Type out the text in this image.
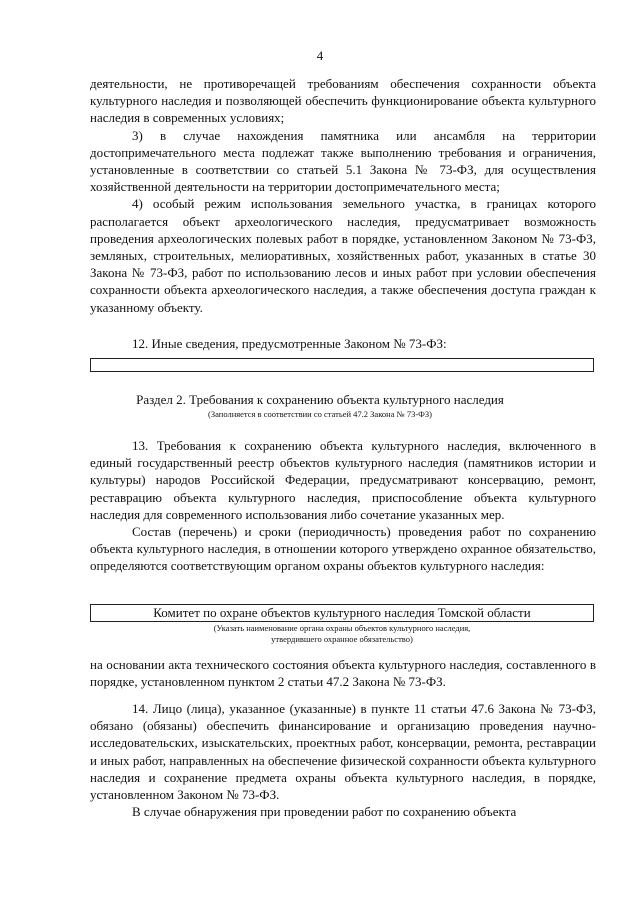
4

деятельности, не противоречащей требованиям обеспечения сохранности объекта культурного наследия и позволяющей обеспечить функционирование объекта культурного наследия в современных условиях;

3) в случае нахождения памятника или ансамбля на территории достопримечательного места подлежат также выполнению требования и ограничения, установленные в соответствии со статьей 5.1 Закона № 73-ФЗ, для осуществления хозяйственной деятельности на территории достопримечательного места;

4) особый режим использования земельного участка, в границах которого располагается объект археологического наследия, предусматривает возможность проведения археологических полевых работ в порядке, установленном Законом № 73-ФЗ, земляных, строительных, мелиоративных, хозяйственных работ, указанных в статье 30 Закона № 73-ФЗ, работ по использованию лесов и иных работ при условии обеспечения сохранности объекта археологического наследия, а также обеспечения доступа граждан к указанному объекту.

12. Иные сведения, предусмотренные Законом № 73-ФЗ:

Раздел 2. Требования к сохранению объекта культурного наследия
(Заполняется в соответствии со статьей 47.2 Закона № 73-ФЗ)

13. Требования к сохранению объекта культурного наследия, включенного в единый государственный реестр объектов культурного наследия (памятников истории и культуры) народов Российской Федерации, предусматривают консервацию, ремонт, реставрацию объекта культурного наследия, приспособление объекта культурного наследия для современного использования либо сочетание указанных мер.

Состав (перечень) и сроки (периодичность) проведения работ по сохранению объекта культурного наследия, в отношении которого утверждено охранное обязательство, определяются соответствующим органом охраны объектов культурного наследия:

Комитет по охране объектов культурного наследия Томской области
(Указать наименование органа охраны объектов культурного наследия,
утвердившего охранное обязательство)

на основании акта технического состояния объекта культурного наследия, составленного в порядке, установленном пунктом 2 статьи 47.2 Закона № 73-ФЗ.

14. Лицо (лица), указанное (указанные) в пункте 11 статьи 47.6 Закона № 73-ФЗ, обязано (обязаны) обеспечить финансирование и организацию проведения научно-исследовательских, изыскательских, проектных работ, консервации, ремонта, реставрации и иных работ, направленных на обеспечение физической сохранности объекта культурного наследия и сохранение предмета охраны объекта культурного наследия, в порядке, установленном Законом № 73-ФЗ.

В случае обнаружения при проведении работ по сохранению объекта
